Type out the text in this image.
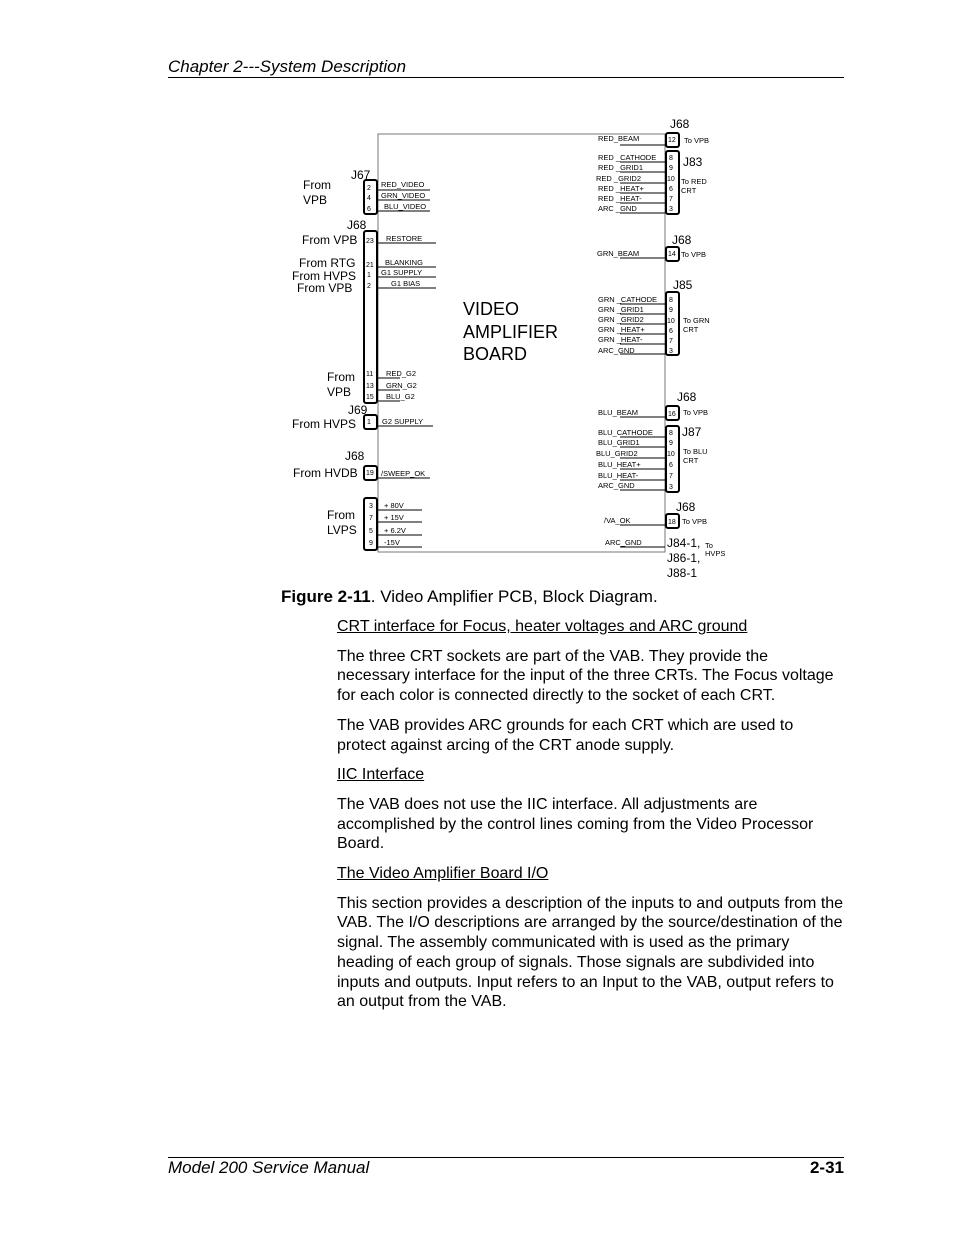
Chapter 2---System Description
VIDEO
AMPLIFIER
BOARD
From
VPB
From VPB
From RTG
From HVPS
From VPB
From
VPB
From HVPS
From HVDB
From
LVPS
J67
J68
J69
J68
2
4
6
23
21
1
2
11
13
15
1
19
3
7
5
9
RED_VIDEO
GRN_VIDEO
BLU_VIDEO
RESTORE
BLANKING
G1 SUPPLY
G1 BIAS
RED_G2
GRN_G2
BLU_G2
G2 SUPPLY
/SWEEP_OK
+ 80V
+ 15V
+ 6.2V
-15V
RED_BEAM
RED _CATHODE
RED _GRID1
RED _GRID2
RED _HEAT+
RED _HEAT-
ARC _GND
GRN_BEAM
GRN _CATHODE
GRN _GRID1
GRN _GRID2
GRN _HEAT+
GRN _HEAT-
ARC_GND
BLU_BEAM
BLU_CATHODE
BLU_GRID1
BLU_GRID2
BLU_HEAT+
BLU_HEAT-
ARC_GND
/VA_OK
ARC_GND
12
8
9
10
6
7
3
14
8
9
10
6
7
3
16
8
9
10
6
7
3
18
J68
J83
J68
J85
J68
J87
J68
J84-1,
J86-1,
J88-1
To VPB
To RED
CRT
To VPB
To GRN
CRT
To VPB
To BLU
CRT
To VPB
To
HVPS
Figure 2-11. Video Amplifier PCB, Block Diagram.
CRT interface for Focus, heater voltages and ARC ground

The three CRT sockets are part of the VAB. They provide the necessary interface for the input of the three CRTs. The Focus voltage for each color is connected directly to the socket of each CRT.

The VAB provides ARC grounds for each CRT which are used to protect against arcing of the CRT anode supply.

IIC Interface

The VAB does not use the IIC interface. All adjustments are accomplished by the control lines coming from the Video Processor Board.

The Video Amplifier Board I/O

This section provides a description of the inputs to and outputs from the VAB. The I/O descriptions are arranged by the source/destination of the signal. The assembly communicated with is used as the primary heading of each group of signals. Those signals are subdivided into inputs and outputs. Input refers to an Input to the VAB, output refers to an output from the VAB.

Model 200 Service Manual	2-31
